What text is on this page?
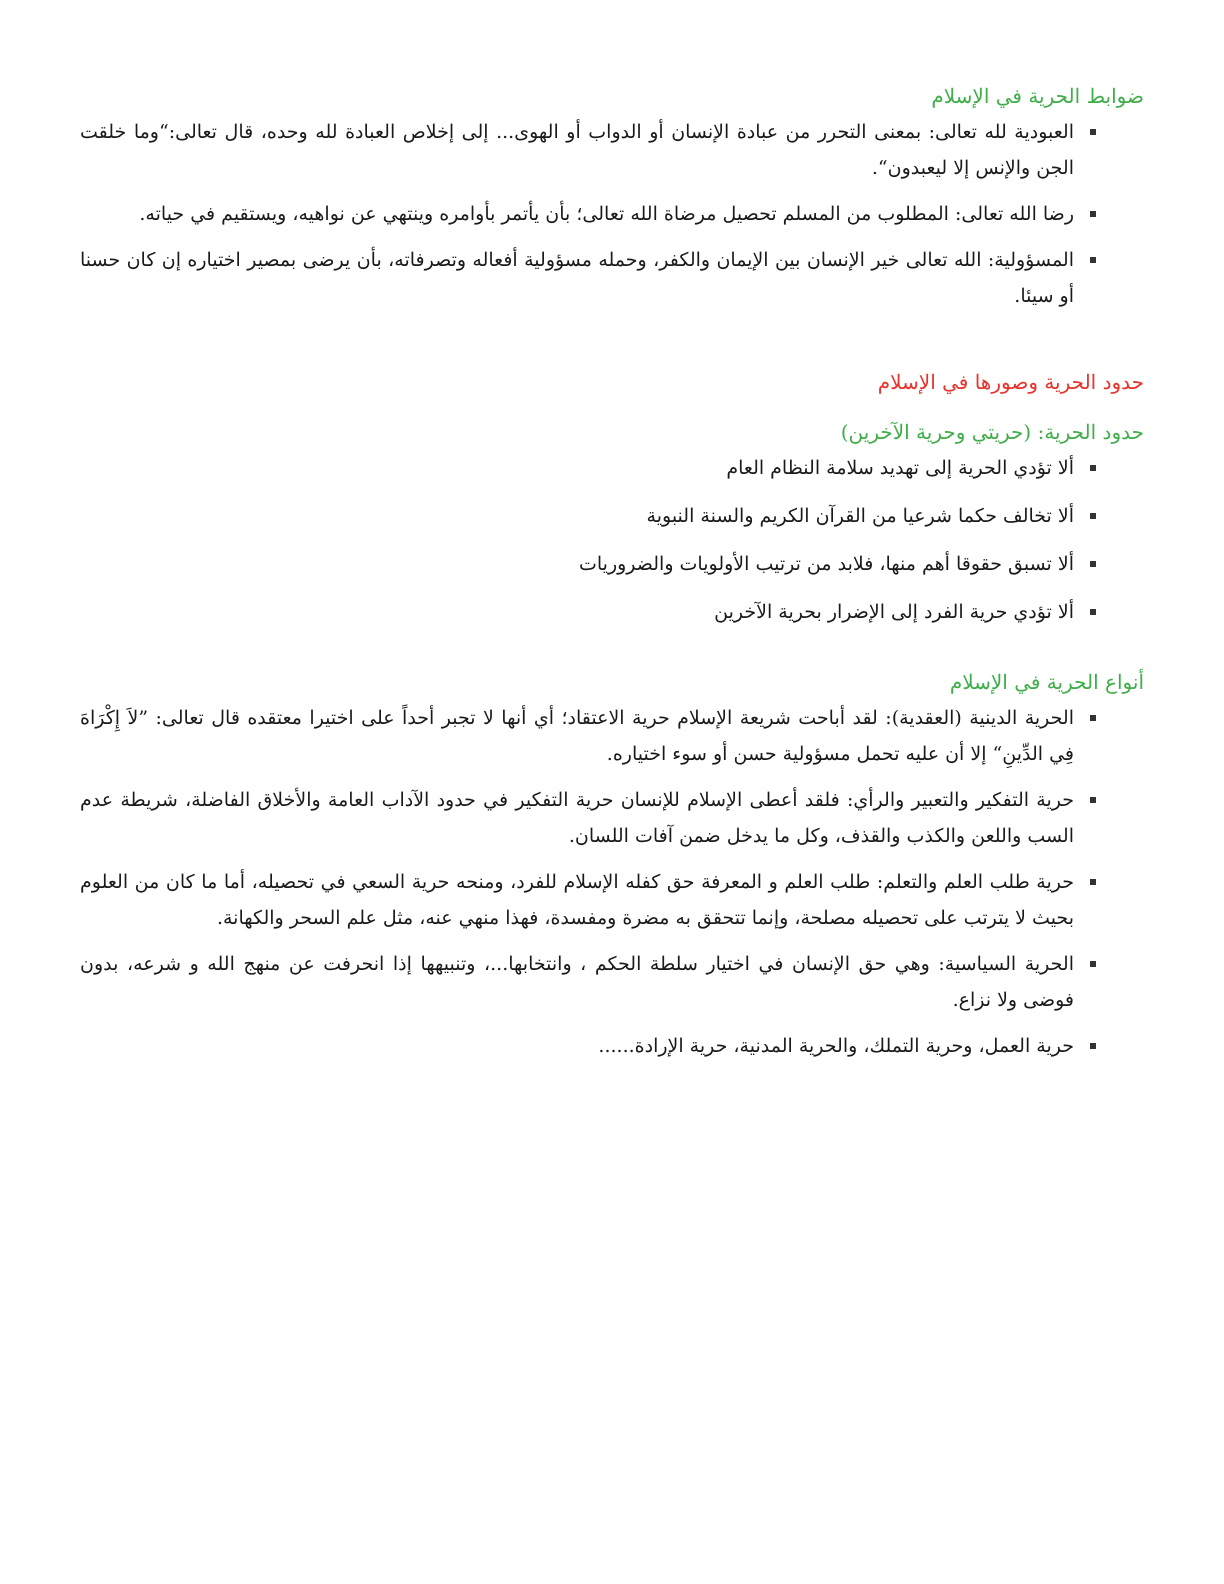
ضوابط الحرية في الإسلام
العبودية لله تعالى: بمعنى التحرر من عبادة الإنسان أو الدواب أو الهوى... إلى إخلاص العبادة لله وحده، قال تعالى:“وما خلقت الجن والإنس إلا ليعبدون“.
رضا الله تعالى: المطلوب من المسلم تحصيل مرضاة الله تعالى؛ بأن يأتمر بأوامره وينتهي عن نواهيه، ويستقيم في حياته.
المسؤولية: الله تعالى خير الإنسان بين الإيمان والكفر، وحمله مسؤولية أفعاله وتصرفاته، بأن يرضى بمصير اختياره إن كان حسنا أو سيئا.
حدود الحرية وصورها في الإسلام
حدود الحرية: (حريتي وحرية الآخرين)
ألا تؤدي الحرية إلى تهديد سلامة النظام العام
ألا تخالف حكما شرعيا من القرآن الكريم والسنة النبوية
ألا تسبق حقوقا أهم منها، فلابد من ترتيب الأولويات والضروريات
ألا تؤدي حرية الفرد إلى الإضرار بحرية الآخرين
أنواع الحرية في الإسلام
الحرية الدينية (العقدية): لقد أباحت شريعة الإسلام حرية الاعتقاد؛ أي أنها لا تجبر أحداً على اختيرا معتقده قال تعالى: ”لاَ إِكْرَاهَ فِي الدِّينِ“ إلا أن عليه تحمل مسؤولية حسن أو سوء اختياره.
حرية التفكير والتعبير والرأي: فلقد أعطى الإسلام للإنسان حرية التفكير في حدود الآداب العامة والأخلاق الفاضلة، شريطة عدم السب واللعن والكذب والقذف، وكل ما يدخل ضمن آفات اللسان.
حرية طلب العلم والتعلم: طلب العلم و المعرفة حق كفله الإسلام للفرد، ومنحه حرية السعي في تحصيله، أما ما كان من العلوم بحيث لا يترتب على تحصيله مصلحة، وإنما تتحقق به مضرة ومفسدة، فهذا منهي عنه، مثل علم السحر والكهانة.
الحرية السياسية: وهي حق الإنسان في اختيار سلطة الحكم ، وانتخابها...، وتنبيهها إذا انحرفت عن منهج الله و شرعه، بدون فوضى ولا نزاع.
حرية العمل، وحرية التملك، والحرية المدنية، حرية الإرادة......
